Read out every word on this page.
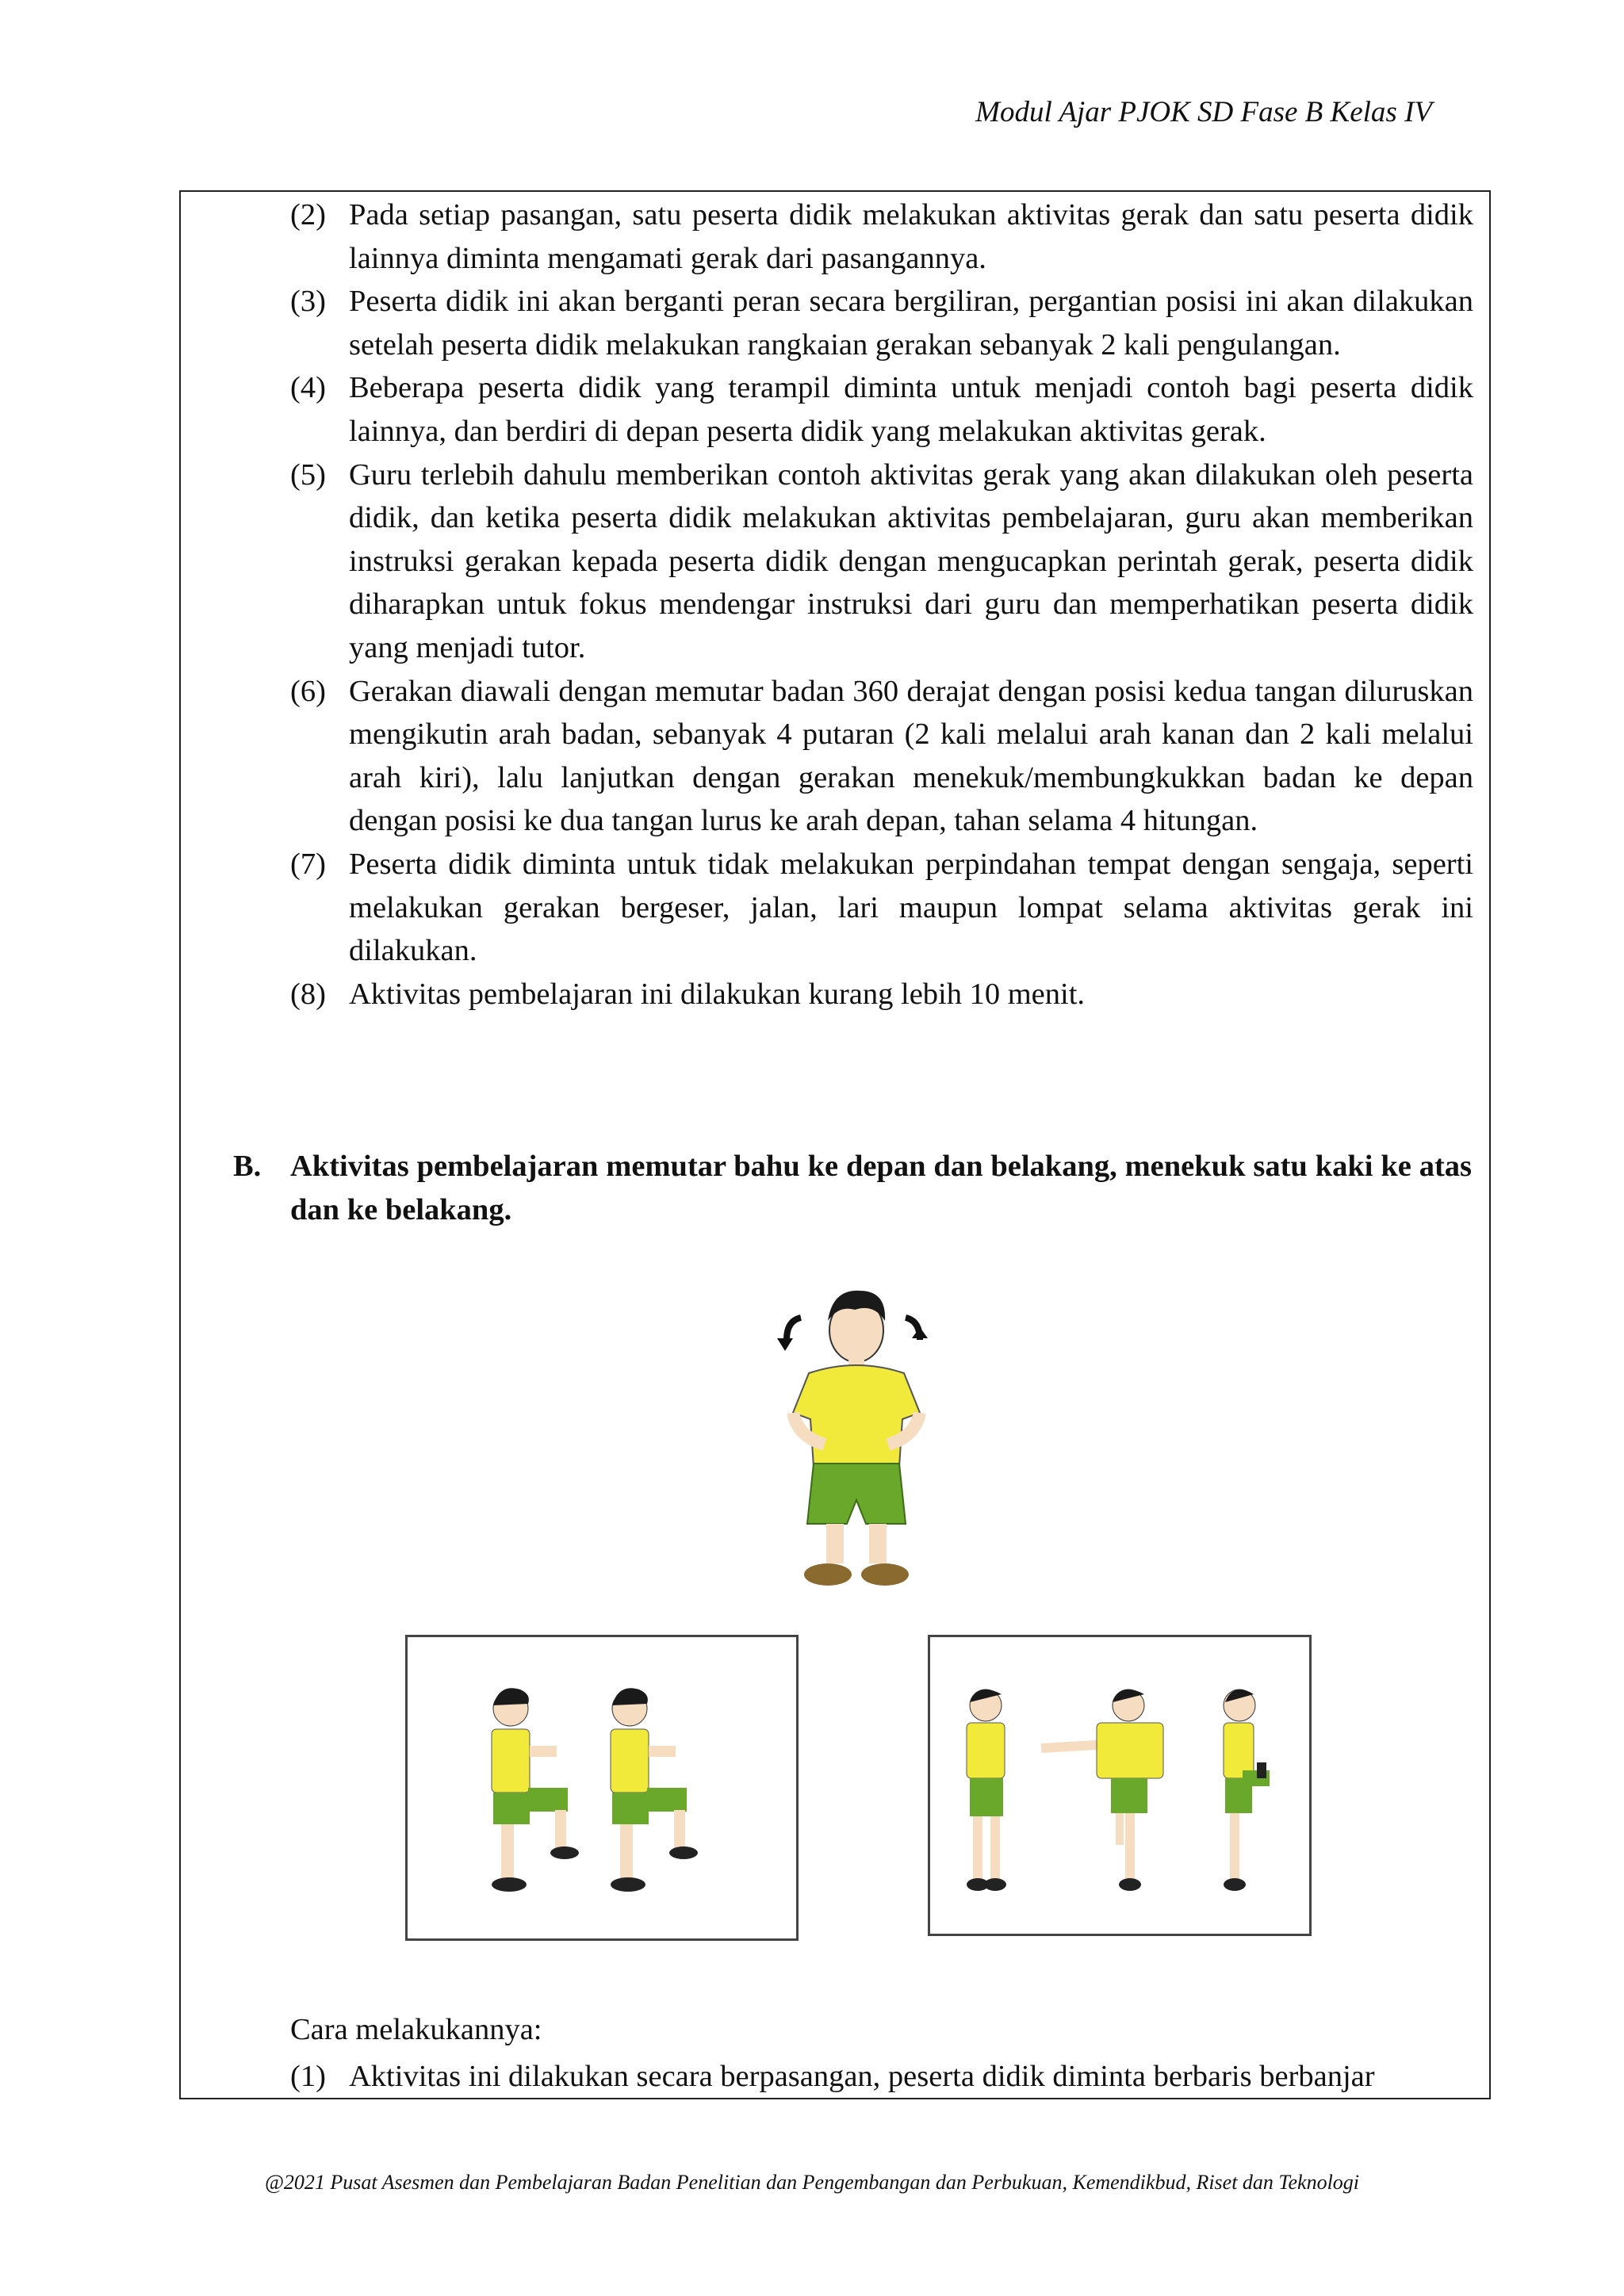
Modul Ajar PJOK SD Fase B Kelas IV
(2) Pada setiap pasangan, satu peserta didik melakukan aktivitas gerak dan satu peserta didik lainnya diminta mengamati gerak dari pasangannya.
(3) Peserta didik ini akan berganti peran secara bergiliran, pergantian posisi ini akan dilakukan setelah peserta didik melakukan rangkaian gerakan sebanyak 2 kali pengulangan.
(4) Beberapa peserta didik yang terampil diminta untuk menjadi contoh bagi peserta didik lainnya, dan berdiri di depan peserta didik yang melakukan aktivitas gerak.
(5) Guru terlebih dahulu memberikan contoh aktivitas gerak yang akan dilakukan oleh peserta didik, dan ketika peserta didik melakukan aktivitas pembelajaran, guru akan memberikan instruksi gerakan kepada peserta didik dengan mengucapkan perintah gerak, peserta didik diharapkan untuk fokus mendengar instruksi dari guru dan memperhatikan peserta didik yang menjadi tutor.
(6) Gerakan diawali dengan memutar badan 360 derajat dengan posisi kedua tangan diluruskan mengikutin arah badan, sebanyak 4 putaran (2 kali melalui arah kanan dan 2 kali melalui arah kiri), lalu lanjutkan dengan gerakan menekuk/membungkukkan badan ke depan dengan posisi ke dua tangan lurus ke arah depan, tahan selama 4 hitungan.
(7) Peserta didik diminta untuk tidak melakukan perpindahan tempat dengan sengaja, seperti melakukan gerakan bergeser, jalan, lari maupun lompat selama aktivitas gerak ini dilakukan.
(8) Aktivitas pembelajaran ini dilakukan kurang lebih 10 menit.
B. Aktivitas pembelajaran memutar bahu ke depan dan belakang, menekuk satu kaki ke atas dan ke belakang.
Cara melakukannya:
(1) Aktivitas ini dilakukan secara berpasangan, peserta didik diminta berbaris berbanjar
@2021 Pusat Asesmen dan Pembelajaran Badan Penelitian dan Pengembangan dan Perbukuan, Kemendikbud, Riset dan Teknologi
